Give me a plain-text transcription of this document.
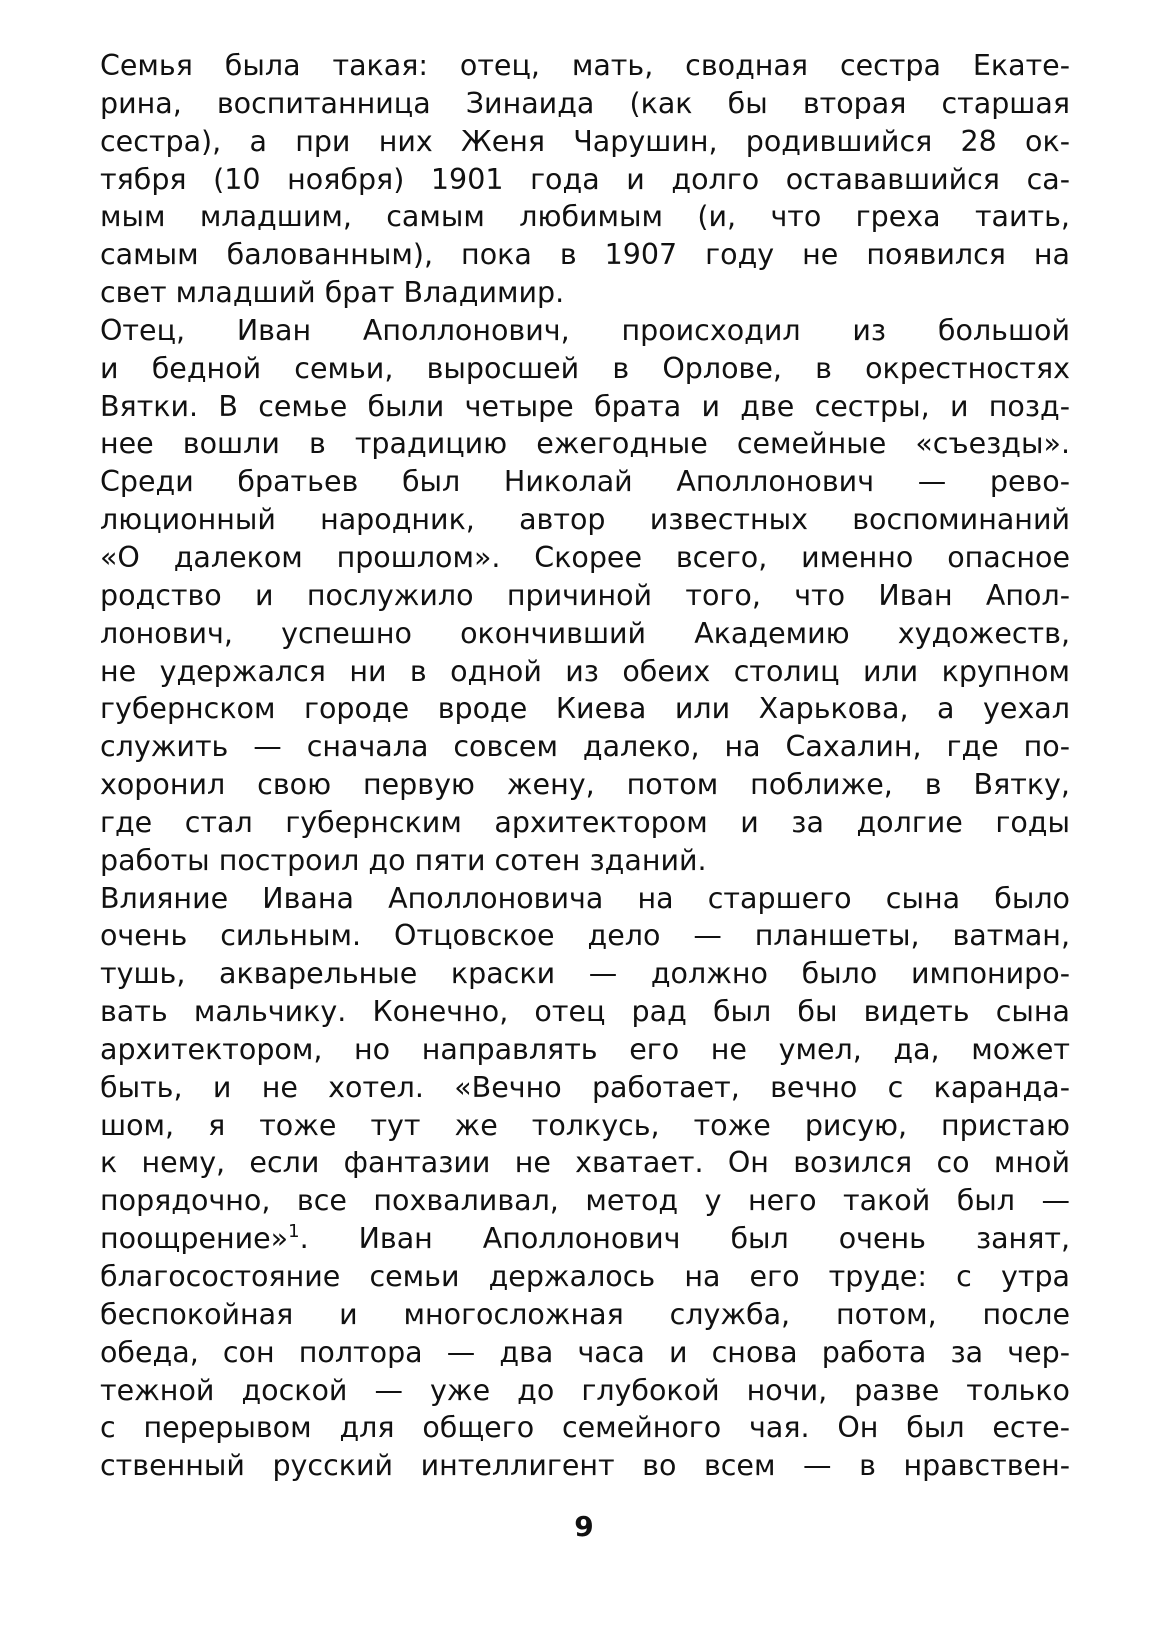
Семья была такая: отец, мать, сводная сестра Екате-
рина, воспитанница Зинаида (как бы вторая старшая
сестра), а при них Женя Чарушин, родившийся 28 ок-
тября (10 ноября) 1901 года и долго остававшийся са-
мым младшим, самым любимым (и, что греха таить,
самым балованным), пока в 1907 году не появился на
свет младший брат Владимир.
Отец, Иван Аполлонович, происходил из большой
и бедной семьи, выросшей в Орлове, в окрестностях
Вятки. В семье были четыре брата и две сестры, и позд-
нее вошли в традицию ежегодные семейные «съезды».
Среди братьев был Николай Аполлонович — рево-
люционный народник, автор известных воспоминаний
«О далеком прошлом». Скорее всего, именно опасное
родство и послужило причиной того, что Иван Апол-
лонович, успешно окончивший Академию художеств,
не удержался ни в одной из обеих столиц или крупном
губернском городе вроде Киева или Харькова, а уехал
служить — сначала совсем далеко, на Сахалин, где по-
хоронил свою первую жену, потом поближе, в Вятку,
где стал губернским архитектором и за долгие годы
работы построил до пяти сотен зданий.
Влияние Ивана Аполлоновича на старшего сына было
очень сильным. Отцовское дело — планшеты, ватман,
тушь, акварельные краски — должно было импониро-
вать мальчику. Конечно, отец рад был бы видеть сына
архитектором, но направлять его не умел, да, может
быть, и не хотел. «Вечно работает, вечно с каранда-
шом, я тоже тут же толкусь, тоже рисую, пристаю
к нему, если фантазии не хватает. Он возился со мной
порядочно, все похваливал, метод у него такой был —
поощрение»$^1$. Иван Аполлонович был очень занят,
благосостояние семьи держалось на его труде: с утра
беспокойная и многосложная служба, потом, после
обеда, сон полтора — два часа и снова работа за чер-
тежной доской — уже до глубокой ночи, разве только
с перерывом для общего семейного чая. Он был есте-
ственный русский интеллигент во всем — в нравствен-
9
